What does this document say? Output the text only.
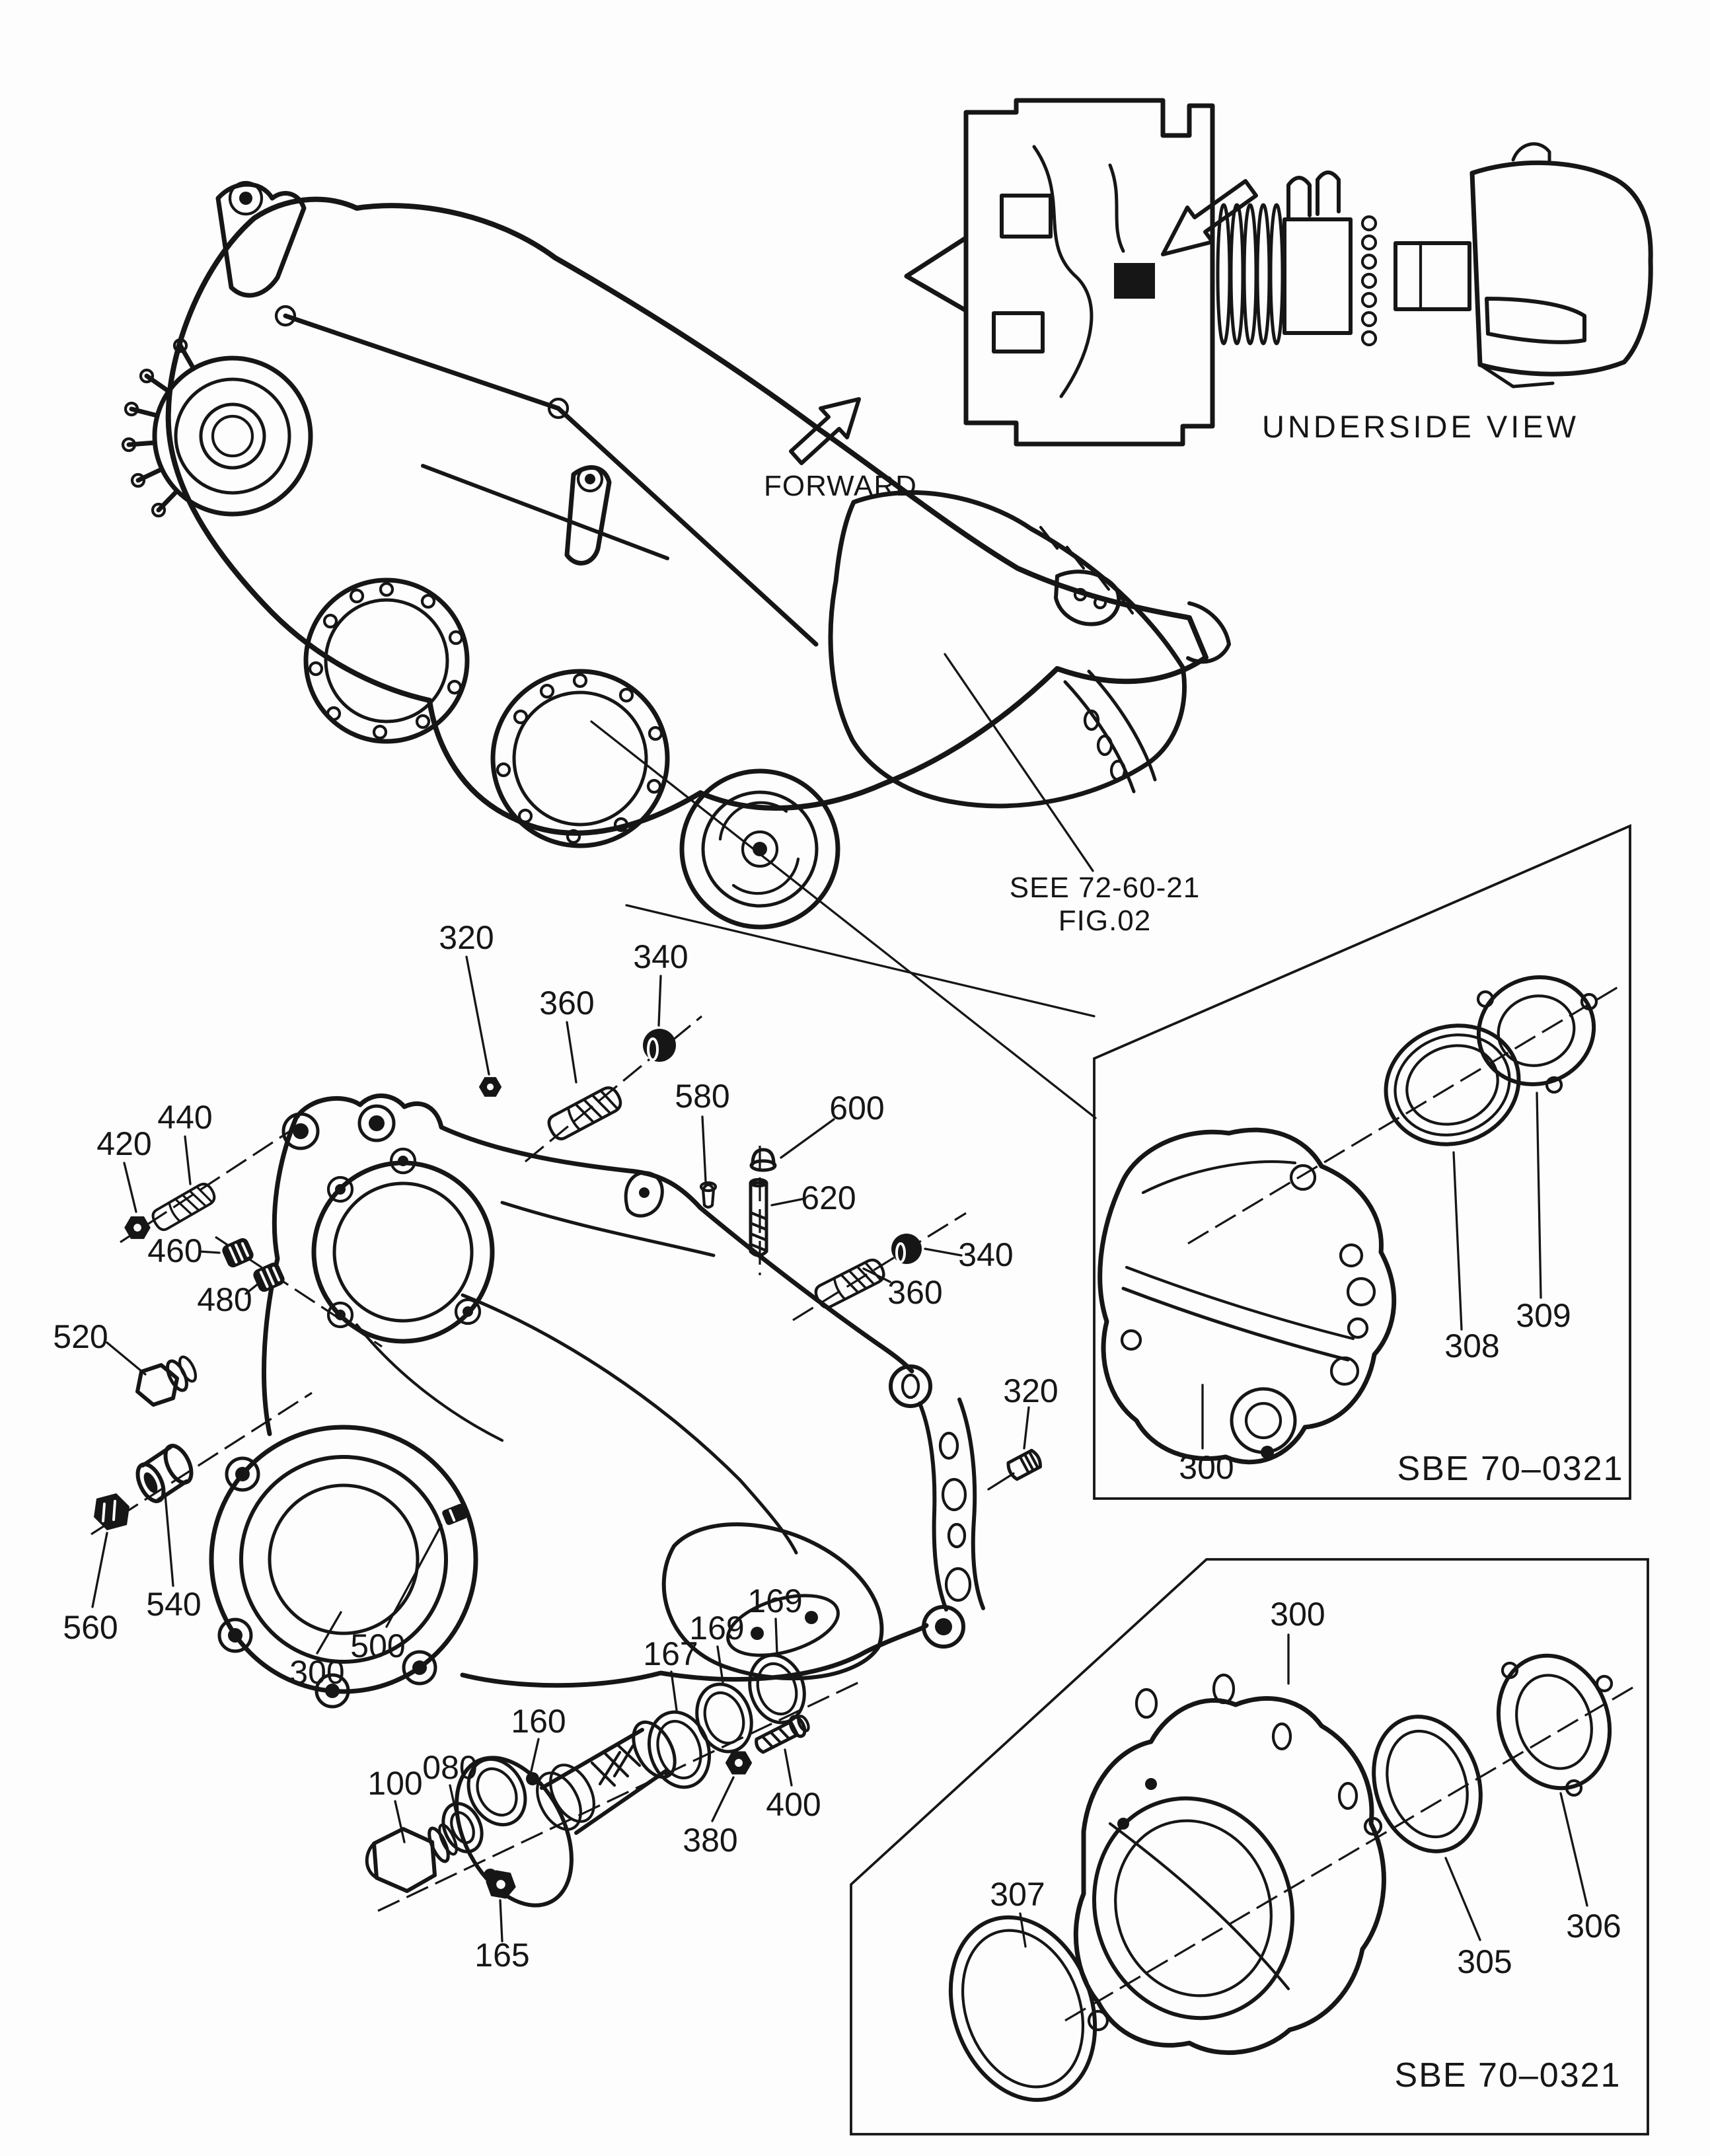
FORWARD
UNDERSIDE VIEW
SEE 72-60-21
FIG.02
320
340
360
580	600
620
420
440
460
480
520
340
360
320
560
540
300
500
100 080
160
165
167
169
169
380
400
308
309
300	SBE 70–0321
300
307
305
306
SBE 70–0321
